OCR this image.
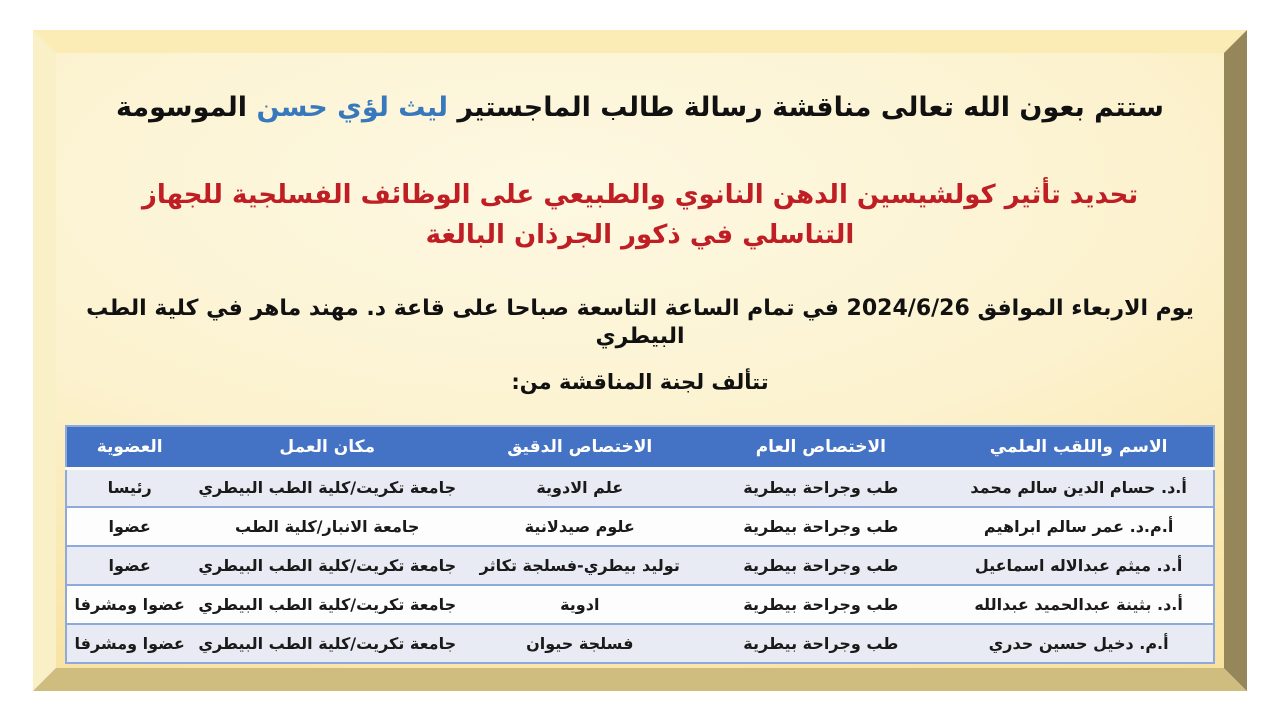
ستتم بعون الله تعالى مناقشة رسالة طالب الماجستير ليث لؤي حسن الموسومة
تحديد تأثير كولشيسين الدهن النانوي والطبيعي على الوظائف الفسلجية للجهاز
التناسلي في ذكور الجرذان البالغة
يوم الاربعاء الموافق 2024/6/26 في تمام الساعة التاسعة صباحا على قاعة د. مهند ماهر في كلية الطب البيطري
تتألف لجنة المناقشة من:
الاسم واللقب العلمي	الاختصاص العام	الاختصاص الدقيق	مكان العمل	العضوية
أ.د. حسام الدين سالم محمد	طب وجراحة بيطرية	علم الادوية	جامعة تكريت/كلية الطب البيطري	رئيسا
أ.م.د. عمر سالم ابراهيم	طب وجراحة بيطرية	علوم صيدلانية	جامعة الانبار/كلية الطب	عضوا
أ.د. ميثم عبدالاله اسماعيل	طب وجراحة بيطرية	توليد بيطري-فسلجة تكاثر	جامعة تكريت/كلية الطب البيطري	عضوا
أ.د. بثينة عبدالحميد عبدالله	طب وجراحة بيطرية	ادوية	جامعة تكريت/كلية الطب البيطري	عضوا ومشرفا
أ.م. دخيل حسين حدري	طب وجراحة بيطرية	فسلجة حيوان	جامعة تكريت/كلية الطب البيطري	عضوا ومشرفا
